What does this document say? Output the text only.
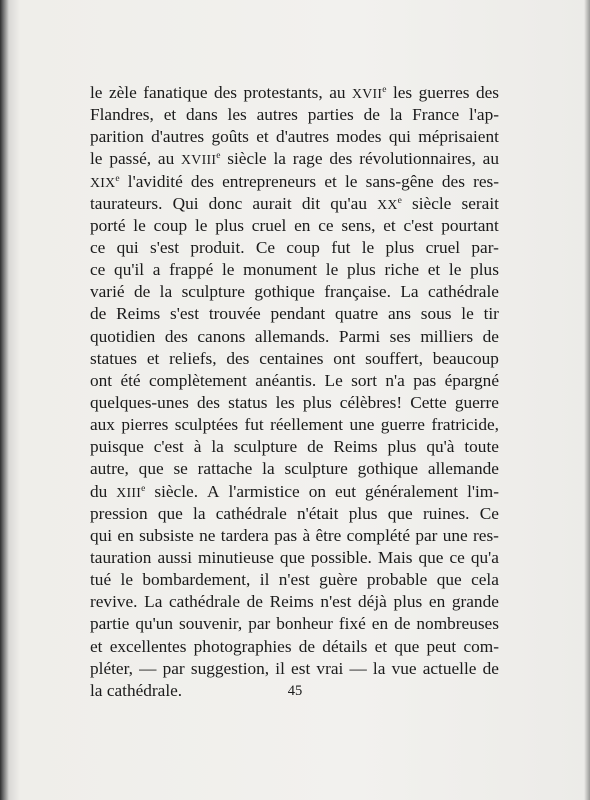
le zèle fanatique des protestants, au XVIIe les guerres des
Flandres, et dans les autres parties de la France l'ap-
parition d'autres goûts et d'autres modes qui méprisaient
le passé, au XVIIIe siècle la rage des révolutionnaires, au
XIXe l'avidité des entrepreneurs et le sans-gêne des res-
taurateurs. Qui donc aurait dit qu'au XXe siècle serait
porté le coup le plus cruel en ce sens, et c'est pourtant
ce qui s'est produit. Ce coup fut le plus cruel par-
ce qu'il a frappé le monument le plus riche et le plus
varié de la sculpture gothique française. La cathédrale
de Reims s'est trouvée pendant quatre ans sous le tir
quotidien des canons allemands. Parmi ses milliers de
statues et reliefs, des centaines ont souffert, beaucoup
ont été complètement anéantis. Le sort n'a pas épargné
quelques-unes des status les plus célèbres! Cette guerre
aux pierres sculptées fut réellement une guerre fratricide,
puisque c'est à la sculpture de Reims plus qu'à toute
autre, que se rattache la sculpture gothique allemande
du XIIIe siècle. A l'armistice on eut généralement l'im-
pression que la cathédrale n'était plus que ruines. Ce
qui en subsiste ne tardera pas à être complété par une res-
tauration aussi minutieuse que possible. Mais que ce qu'a
tué le bombardement, il n'est guère probable que cela
revive. La cathédrale de Reims n'est déjà plus en grande
partie qu'un souvenir, par bonheur fixé en de nombreuses
et excellentes photographies de détails et que peut com-
pléter, — par suggestion, il est vrai — la vue actuelle de
la
cathédrale.	45
